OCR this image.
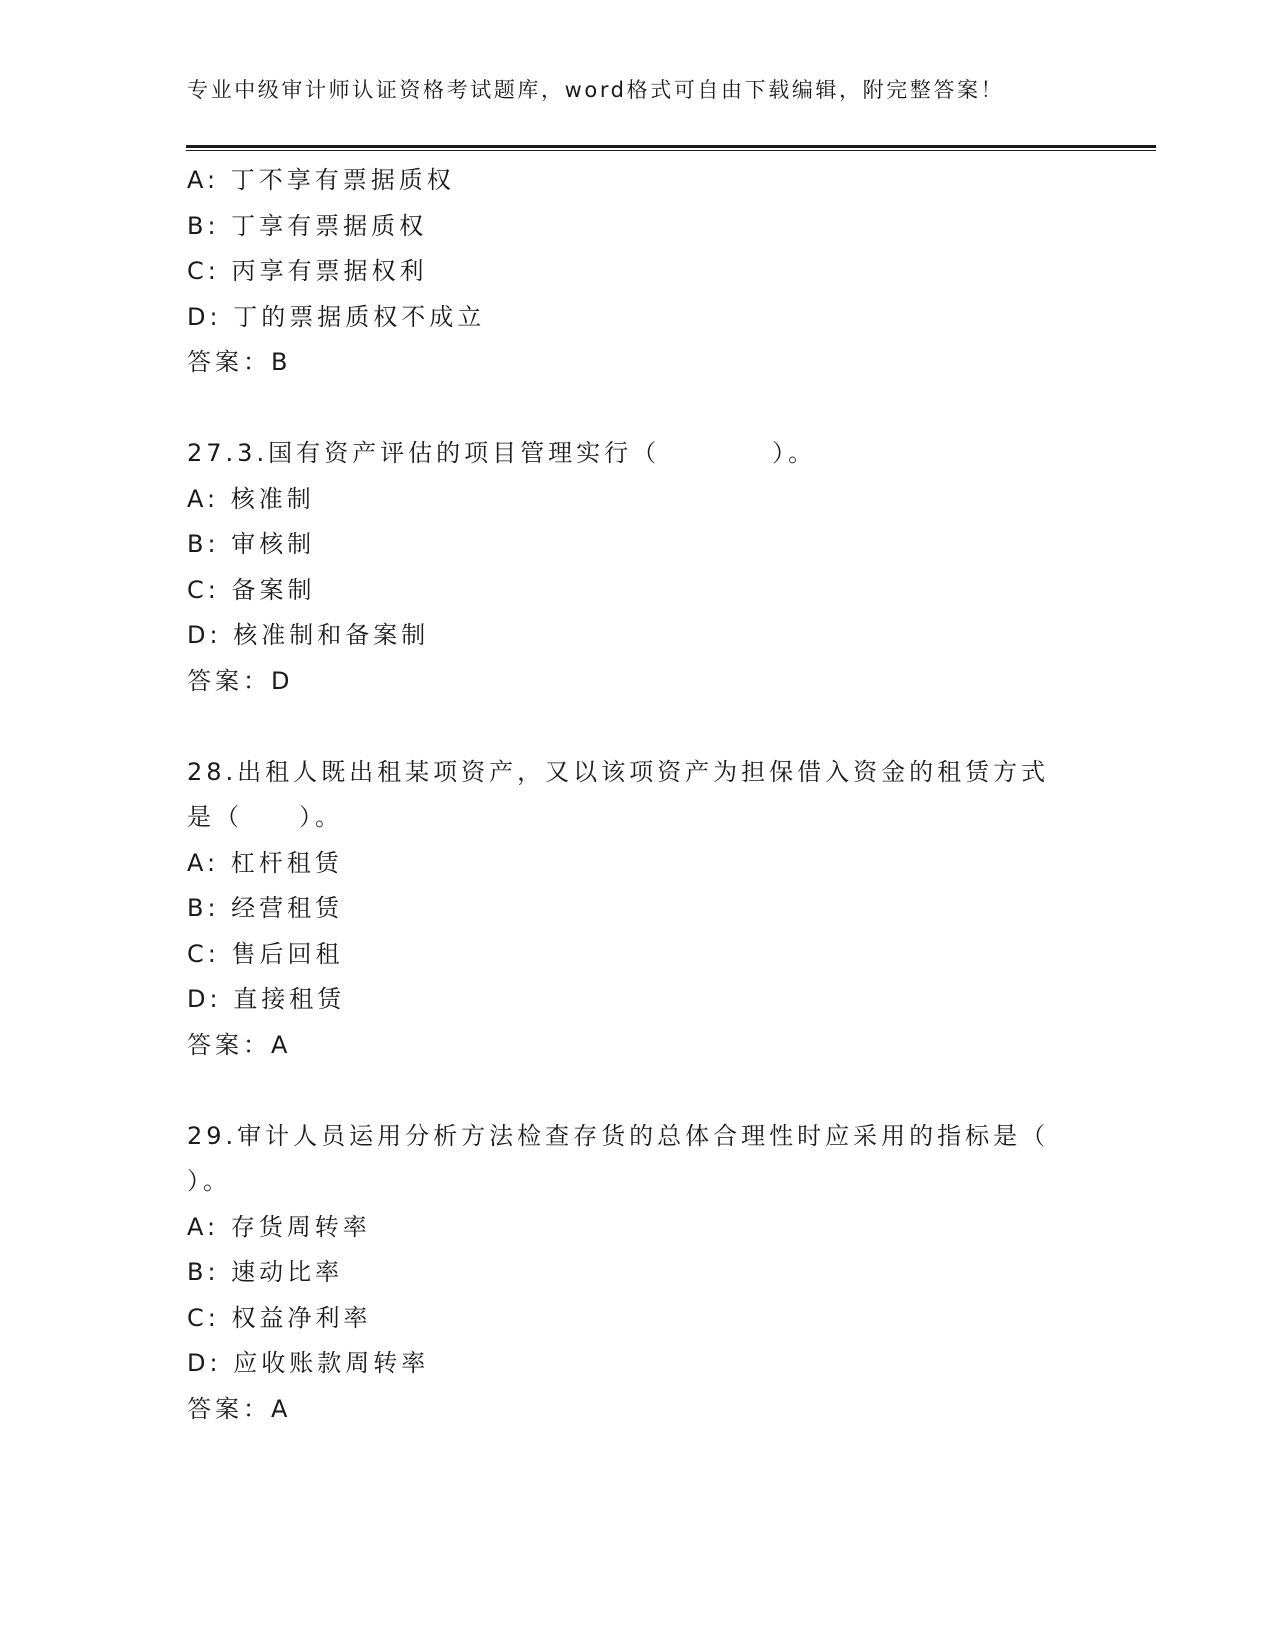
专业中级审计师认证资格考试题库，word格式可自由下载编辑，附完整答案！
A: 丁不享有票据质权
B: 丁享有票据质权
C: 丙享有票据权利
D: 丁的票据质权不成立
答案：B
27.3.国有资产评估的项目管理实行（　　　　）。
A: 核准制
B: 审核制
C: 备案制
D: 核准制和备案制
答案：D
28.出租人既出租某项资产，又以该项资产为担保借入资金的租赁方式
是（　　）。
A: 杠杆租赁
B: 经营租赁
C: 售后回租
D: 直接租赁
答案：A
29.审计人员运用分析方法检查存货的总体合理性时应采用的指标是（
）。
A: 存货周转率
B: 速动比率
C: 权益净利率
D: 应收账款周转率
答案：A
